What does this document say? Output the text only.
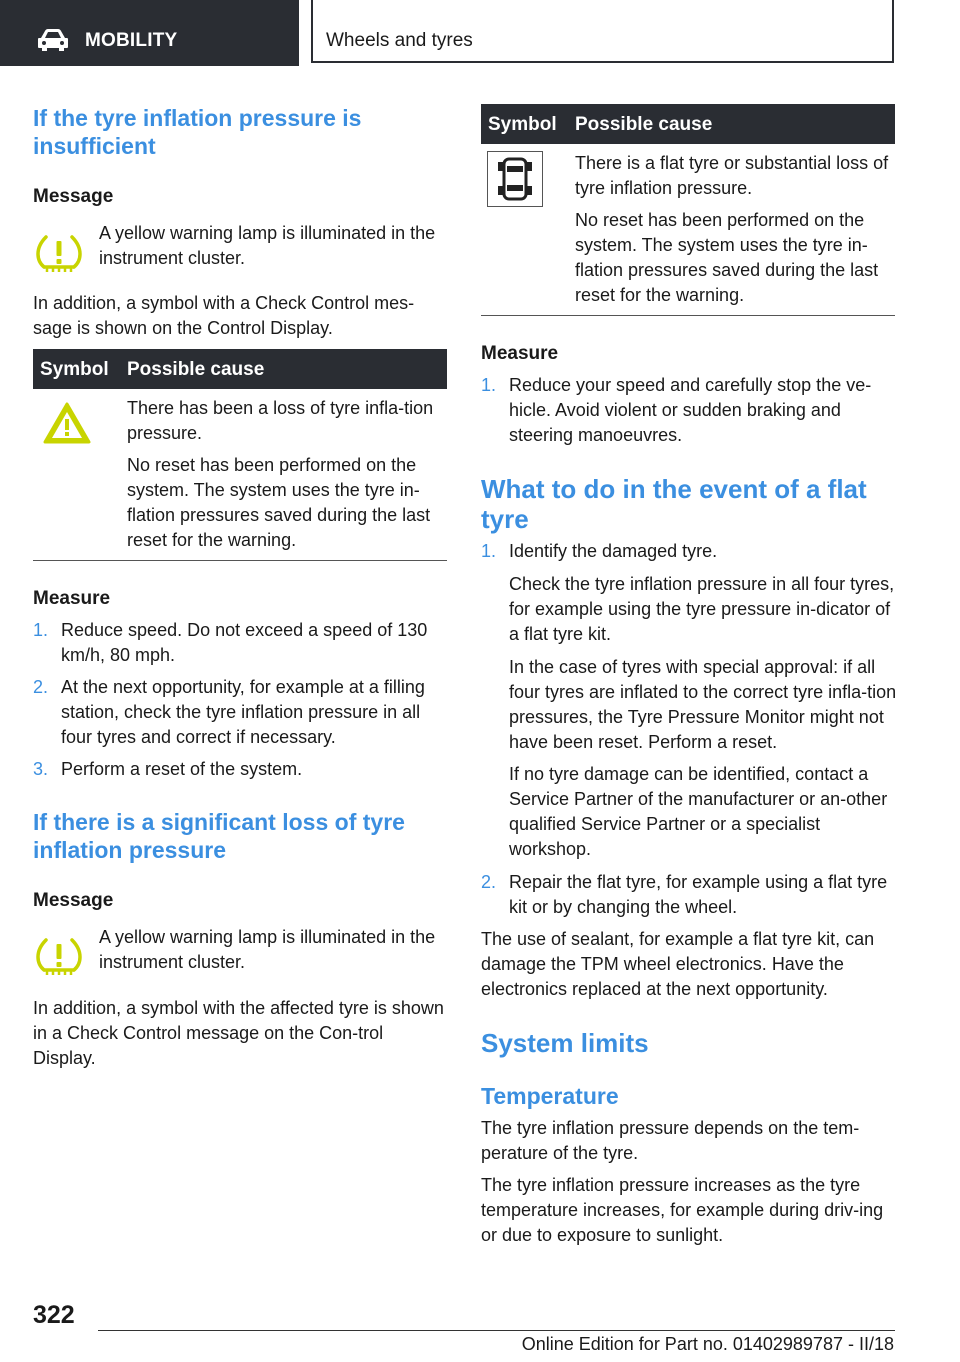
MOBILITY	Wheels and tyres
If the tyre inflation pressure is insufficient
Message

A yellow warning lamp is illuminated in the instrument cluster.

In addition, a symbol with a Check Control mes-sage is shown on the Control Display.

Symbol Possible cause

There has been a loss of tyre infla-tion pressure.

No reset has been performed on the system. The system uses the tyre in-flation pressures saved during the last reset for the warning.

Measure
1. Reduce speed. Do not exceed a speed of 130 km/h, 80 mph.
2. At the next opportunity, for example at a filling station, check the tyre inflation pressure in all four tyres and correct if necessary.
3. Perform a reset of the system.
If there is a significant loss of tyre inflation pressure
Message

A yellow warning lamp is illuminated in the instrument cluster.

In addition, a symbol with the affected tyre is shown in a Check Control message on the Con-trol Display.

Symbol Possible cause

There is a flat tyre or substantial loss of tyre inflation pressure.

No reset has been performed on the system. The system uses the tyre in-flation pressures saved during the last reset for the warning.

Measure
1. Reduce your speed and carefully stop the ve-hicle. Avoid violent or sudden braking and steering manoeuvres.
What to do in the event of a flat tyre
1. Identify the damaged tyre.
Check the tyre inflation pressure in all four tyres, for example using the tyre pressure in-dicator of a flat tyre kit.
In the case of tyres with special approval: if all four tyres are inflated to the correct tyre infla-tion pressures, the Tyre Pressure Monitor might not have been reset. Perform a reset.
If no tyre damage can be identified, contact a Service Partner of the manufacturer or an-other qualified Service Partner or a specialist workshop.
2. Repair the flat tyre, for example using a flat tyre kit or by changing the wheel.

The use of sealant, for example a flat tyre kit, can damage the TPM wheel electronics. Have the electronics replaced at the next opportunity.

System limits
Temperature

The tyre inflation pressure depends on the tem-perature of the tyre.

The tyre inflation pressure increases as the tyre temperature increases, for example during driv-ing or due to exposure to sunlight.

322
Online Edition for Part no. 01402989787 - II/18
